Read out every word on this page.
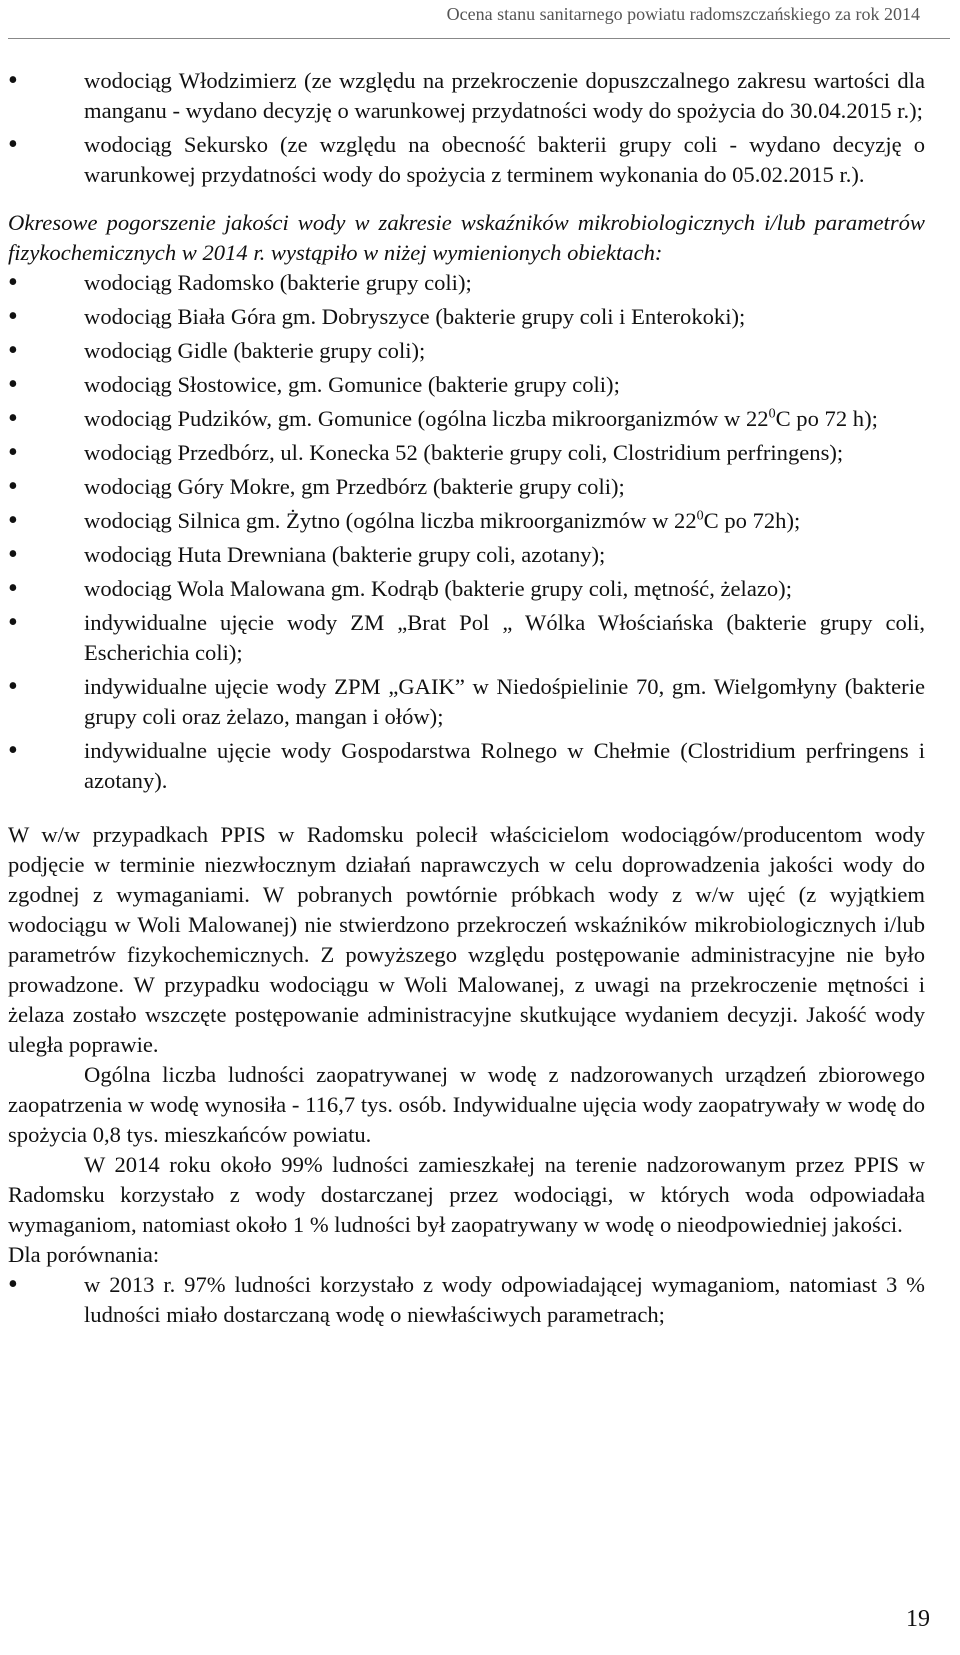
Ocena stanu sanitarnego powiatu radomszczańskiego za rok 2014
• wodociąg Włodzimierz (ze względu na przekroczenie dopuszczalnego zakresu wartości dla manganu - wydano decyzję o warunkowej przydatności wody do spożycia do 30.04.2015 r.);
• wodociąg Sekursko (ze względu na obecność bakterii grupy coli - wydano decyzję o warunkowej przydatności wody do spożycia z terminem wykonania do 05.02.2015 r.).

Okresowe pogorszenie jakości wody w zakresie wskaźników mikrobiologicznych i/lub parametrów fizykochemicznych w 2014 r. wystąpiło w niżej wymienionych obiektach:

• wodociąg Radomsko (bakterie grupy coli);
• wodociąg Biała Góra gm. Dobryszyce (bakterie grupy coli i Enterokoki);
• wodociąg Gidle (bakterie grupy coli);
• wodociąg Słostowice, gm. Gomunice (bakterie grupy coli);
• wodociąg Pudzików, gm. Gomunice (ogólna liczba mikroorganizmów w $22^0C$ po 72 h);
• wodociąg Przedbórz, ul. Konecka 52 (bakterie grupy coli, Clostridium perfringens);
• wodociąg Góry Mokre, gm Przedbórz (bakterie grupy coli);
• wodociąg Silnica gm. Żytno (ogólna liczba mikroorganizmów w $22^0C$ po 72h);
• wodociąg Huta Drewniana (bakterie grupy coli, azotany);
• wodociąg Wola Malowana gm. Kodrąb (bakterie grupy coli, mętność, żelazo);
• indywidualne ujęcie wody ZM „Brat Pol „ Wólka Włościańska (bakterie grupy coli, Escherichia coli);
• indywidualne ujęcie wody ZPM „GAIK” w Niedośpielinie 70, gm. Wielgomłyny (bakterie grupy coli oraz żelazo, mangan i ołów);
• indywidualne ujęcie wody Gospodarstwa Rolnego w Chełmie (Clostridium perfringens i azotany).

W w/w przypadkach PPIS w Radomsku polecił właścicielom wodociągów/producentom wody podjęcie w terminie niezwłocznym działań naprawczych w celu doprowadzenia jakości wody do zgodnej z wymaganiami. W pobranych powtórnie próbkach wody z w/w ujęć (z wyjątkiem wodociągu w Woli Malowanej) nie stwierdzono przekroczeń wskaźników mikrobiologicznych i/lub parametrów fizykochemicznych. Z powyższego względu postępowanie administracyjne nie było prowadzone. W przypadku wodociągu w Woli Malowanej, z uwagi na przekroczenie mętności i żelaza zostało wszczęte postępowanie administracyjne skutkujące wydaniem decyzji. Jakość wody uległa poprawie.

Ogólna liczba ludności zaopatrywanej w wodę z nadzorowanych urządzeń zbiorowego zaopatrzenia w wodę wynosiła - 116,7 tys. osób. Indywidualne ujęcia wody zaopatrywały w wodę do spożycia 0,8 tys. mieszkańców powiatu.

W 2014 roku około 99% ludności zamieszkałej na terenie nadzorowanym przez PPIS w Radomsku korzystało z wody dostarczanej przez wodociągi, w których woda odpowiadała wymaganiom, natomiast około 1 % ludności był zaopatrywany w wodę o nieodpowiedniej jakości.

Dla porównania:

• w 2013 r. 97% ludności korzystało z wody odpowiadającej wymaganiom, natomiast 3 % ludności miało dostarczaną wodę o niewłaściwych parametrach;
19
